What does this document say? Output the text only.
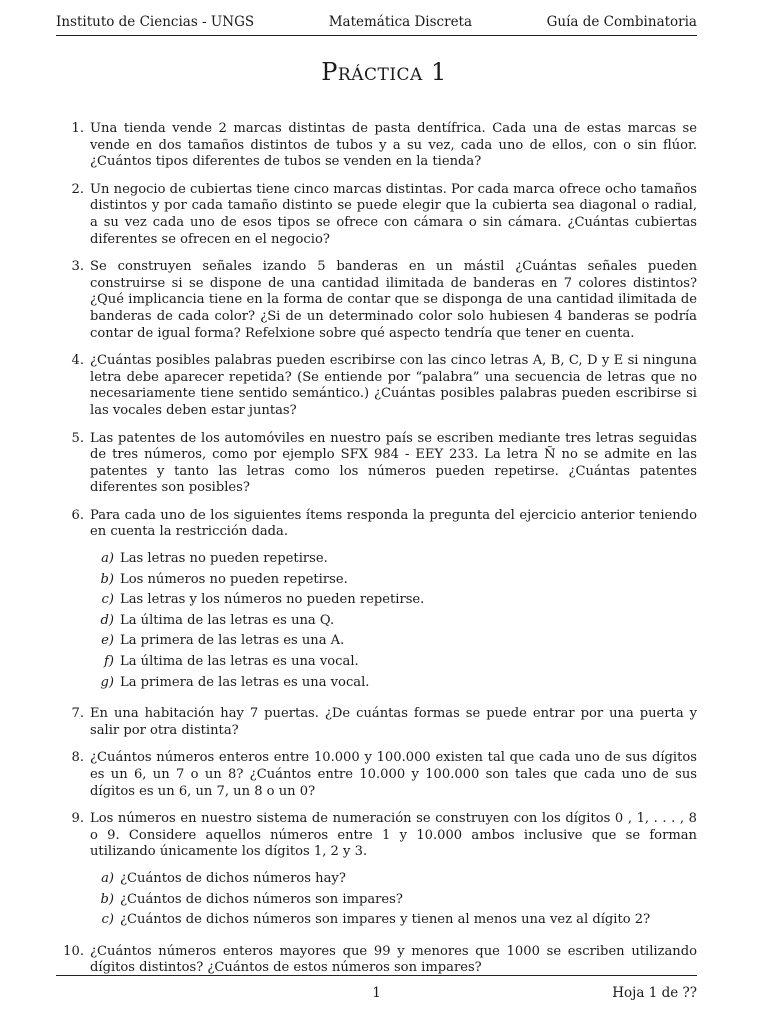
Instituto de Ciencias - UNGS	Matemática Discreta	Guía de Combinatoria
Práctica 1
1. Una tienda vende 2 marcas distintas de pasta dentífrica. Cada una de estas marcas se vende en dos tamaños distintos de tubos y a su vez, cada uno de ellos, con o sin flúor. ¿Cuántos tipos diferentes de tubos se venden en la tienda?
2. Un negocio de cubiertas tiene cinco marcas distintas. Por cada marca ofrece ocho tamaños distintos y por cada tamaño distinto se puede elegir que la cubierta sea diagonal o radial, a su vez cada uno de esos tipos se ofrece con cámara o sin cámara. ¿Cuántas cubiertas diferentes se ofrecen en el negocio?
3. Se construyen señales izando 5 banderas en un mástil ¿Cuántas señales pueden construirse si se dispone de una cantidad ilimitada de banderas en 7 colores distintos? ¿Qué implicancia tiene en la forma de contar que se disponga de una cantidad ilimitada de banderas de cada color? ¿Si de un determinado color solo hubiesen 4 banderas se podría contar de igual forma? Refelxione sobre qué aspecto tendría que tener en cuenta.
4. ¿Cuántas posibles palabras pueden escribirse con las cinco letras A, B, C, D y E si ninguna letra debe aparecer repetida? (Se entiende por “palabra” una secuencia de letras que no necesariamente tiene sentido semántico.) ¿Cuántas posibles palabras pueden escribirse si las vocales deben estar juntas?
5. Las patentes de los automóviles en nuestro país se escriben mediante tres letras seguidas de tres números, como por ejemplo SFX 984 - EEY 233. La letra Ñ no se admite en las patentes y tanto las letras como los números pueden repetirse. ¿Cuántas patentes diferentes son posibles?
6. Para cada uno de los siguientes ítems responda la pregunta del ejercicio anterior teniendo en cuenta la restricción dada.
a) Las letras no pueden repetirse.
b) Los números no pueden repetirse.
c) Las letras y los números no pueden repetirse.
d) La última de las letras es una Q.
e) La primera de las letras es una A.
f) La última de las letras es una vocal.
g) La primera de las letras es una vocal.
7. En una habitación hay 7 puertas. ¿De cuántas formas se puede entrar por una puerta y salir por otra distinta?
8. ¿Cuántos números enteros entre 10.000 y 100.000 existen tal que cada uno de sus dígitos es un 6, un 7 o un 8? ¿Cuántos entre 10.000 y 100.000 son tales que cada uno de sus dígitos es un 6, un 7, un 8 o un 0?
9. Los números en nuestro sistema de numeración se construyen con los dígitos 0 , 1, . . . , 8 o 9. Considere aquellos números entre 1 y 10.000 ambos inclusive que se forman utilizando únicamente los dígitos 1, 2 y 3.
a) ¿Cuántos de dichos números hay?
b) ¿Cuántos de dichos números son impares?
c) ¿Cuántos de dichos números son impares y tienen al menos una vez al dígito 2?
10. ¿Cuántos números enteros mayores que 99 y menores que 1000 se escriben utilizando dígitos distintos? ¿Cuántos de estos números son impares?
1	Hoja 1 de ??
